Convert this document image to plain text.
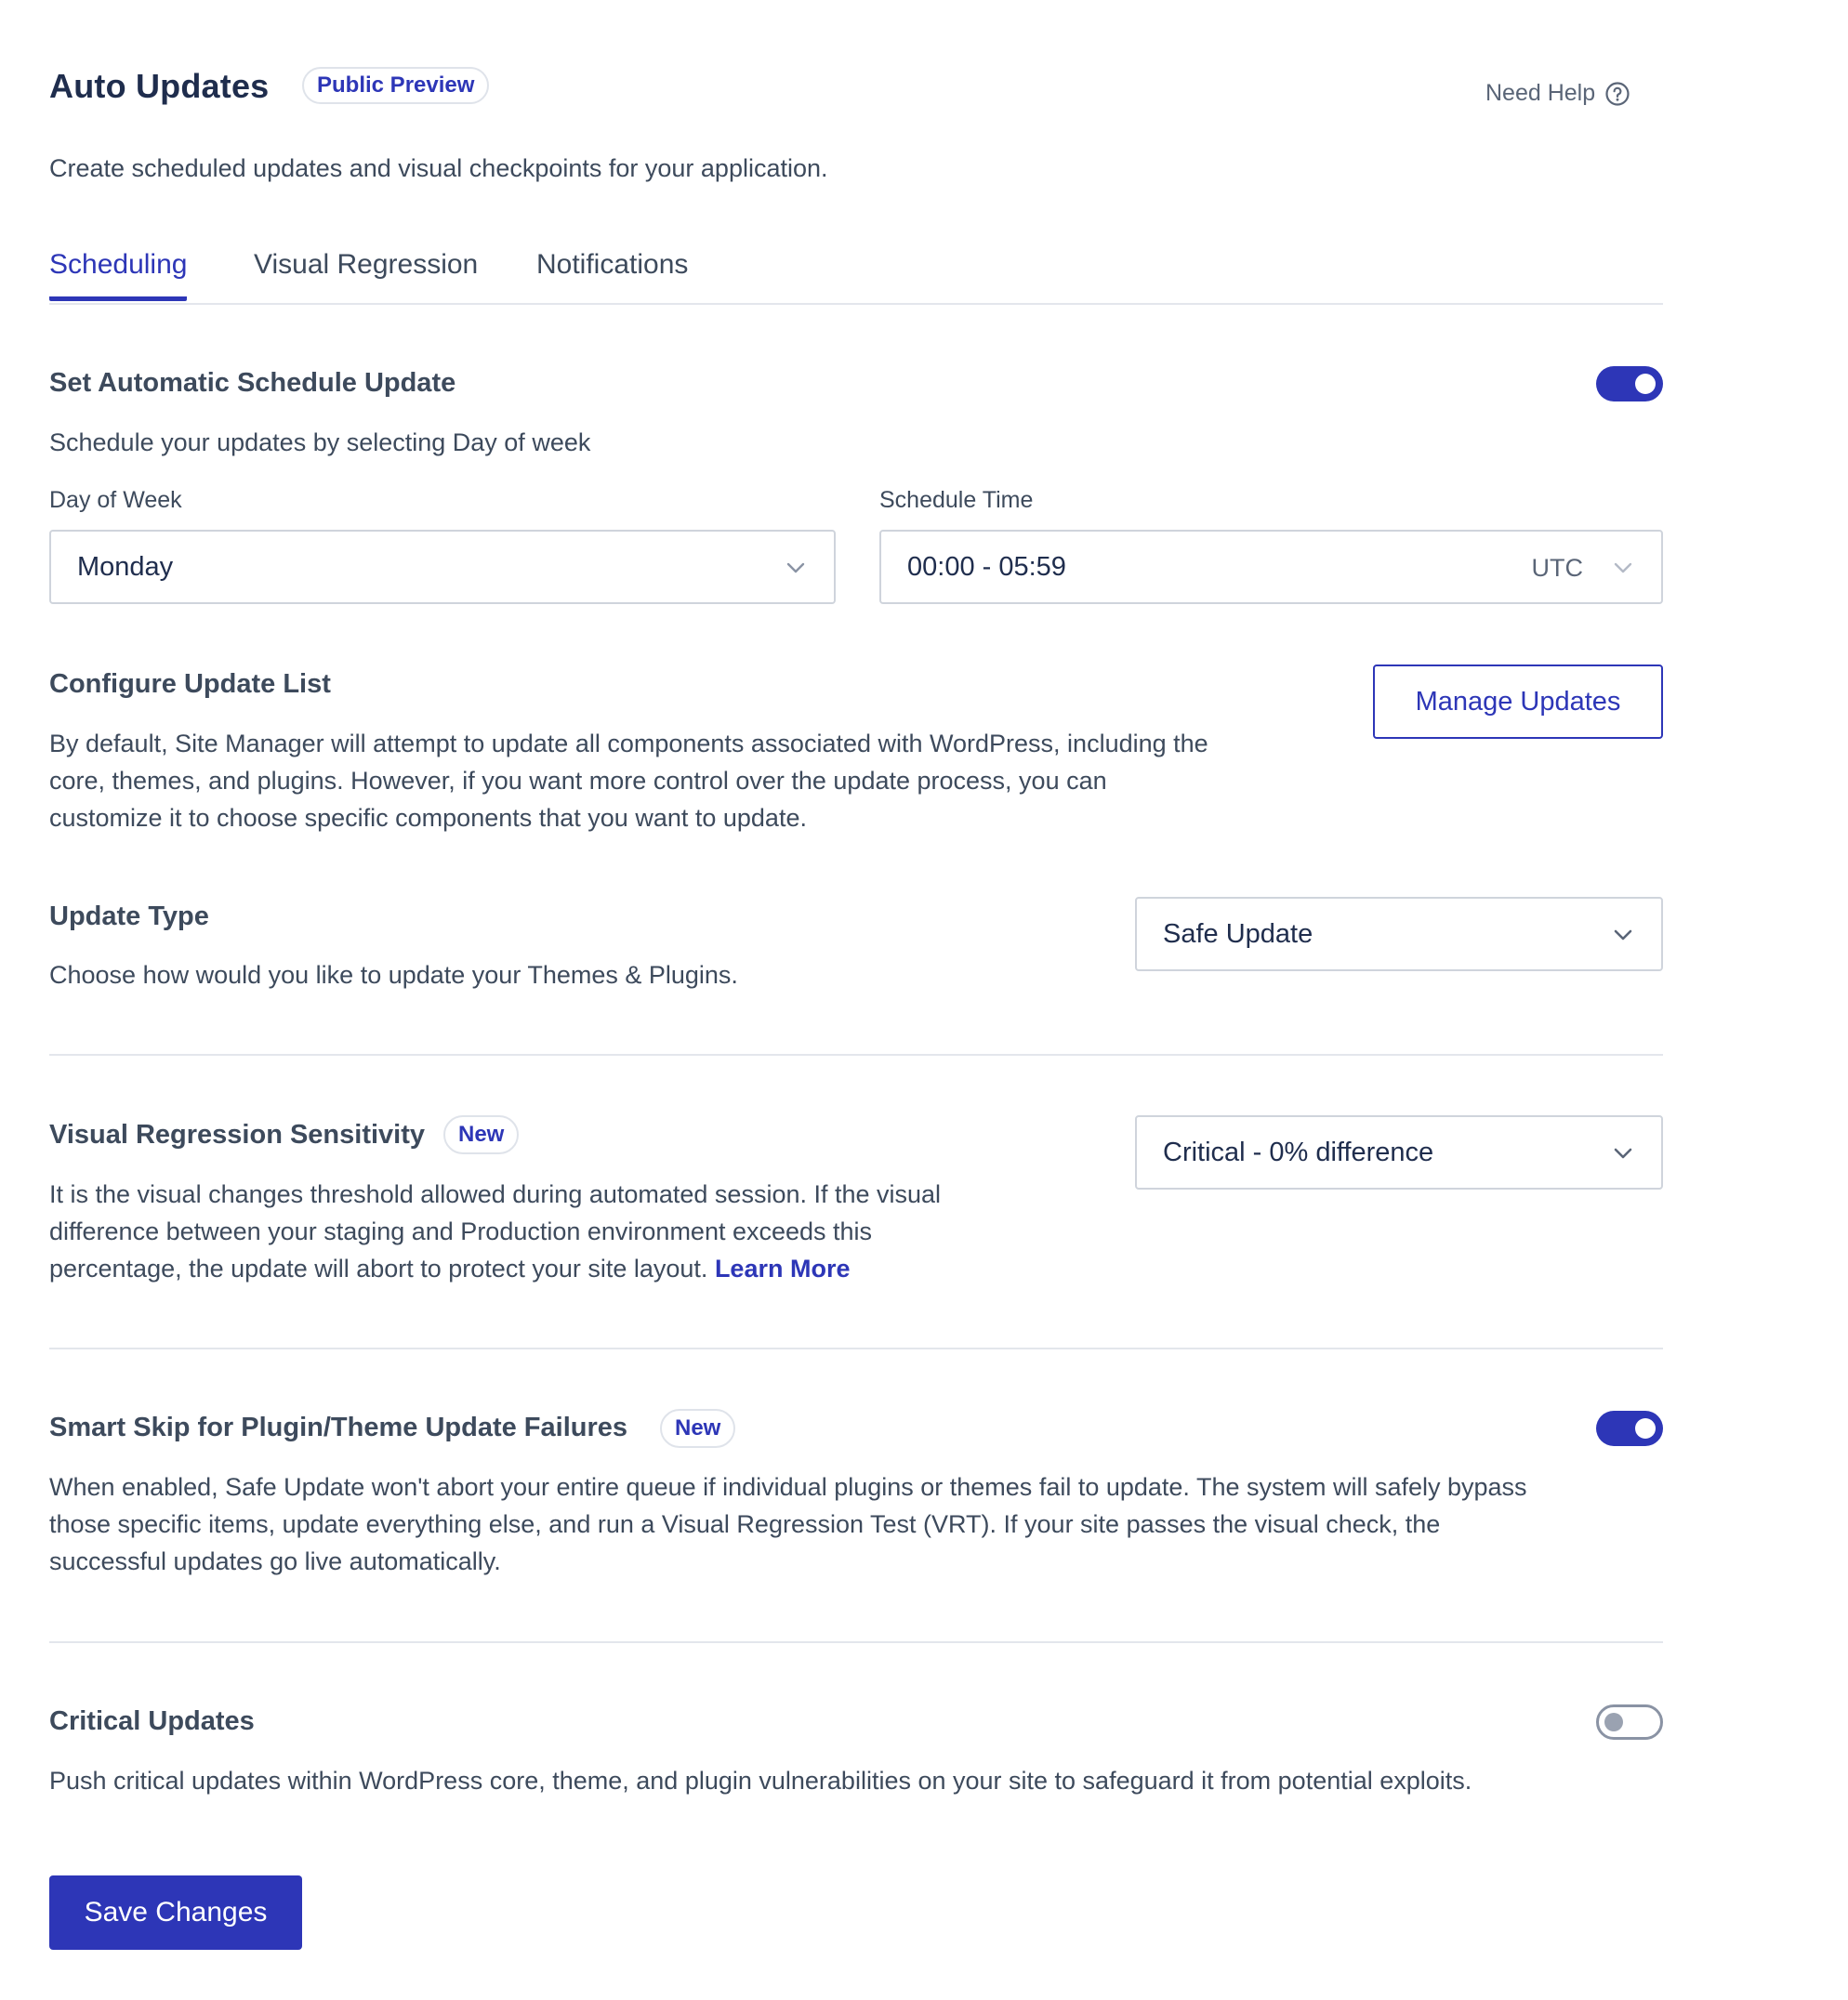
Auto Updates	Public Preview	Need Help
Create scheduled updates and visual checkpoints for your application.
Scheduling Visual Regression Notifications
Set Automatic Schedule Update
Schedule your updates by selecting Day of week
Day of Week
Monday
Schedule Time
00:00 - 05:59	UTC
Configure Update List
By default, Site Manager will attempt to update all components associated with WordPress, including the
core, themes, and plugins. However, if you want more control over the update process, you can
customize it to choose specific components that you want to update.
Manage Updates
Update Type
Choose how would you like to update your Themes & Plugins.
Safe Update
Visual Regression Sensitivity	New
It is the visual changes threshold allowed during automated session. If the visual
difference between your staging and Production environment exceeds this
percentage, the update will abort to protect your site layout. Learn More
Critical - 0% difference
Smart Skip for Plugin/Theme Update Failures	New
When enabled, Safe Update won't abort your entire queue if individual plugins or themes fail to update. The system will safely bypass
those specific items, update everything else, and run a Visual Regression Test (VRT). If your site passes the visual check, the
successful updates go live automatically.
Critical Updates
Push critical updates within WordPress core, theme, and plugin vulnerabilities on your site to safeguard it from potential exploits.
Save Changes
